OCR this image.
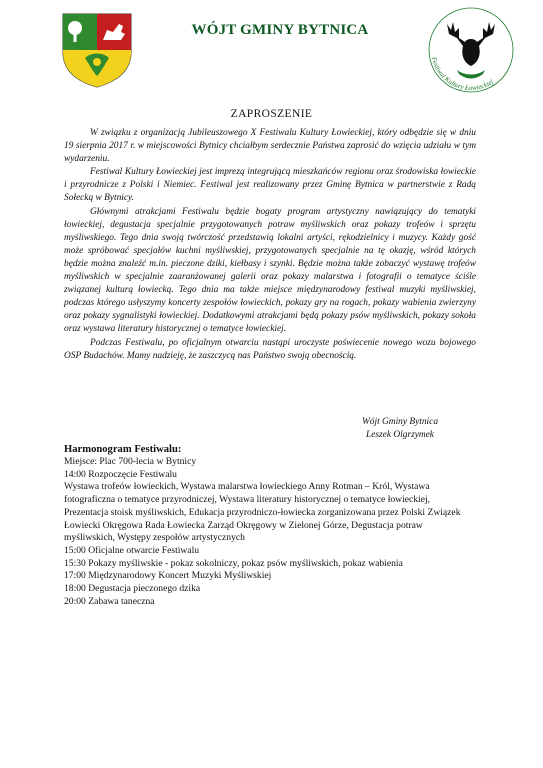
WÓJT GMINY BYTNICA
Festiwal Kultury Łowieckiej
ZAPROSZENIE

W związku z organizacją Jubileuszowego X Festiwalu Kultury Łowieckiej, który odbędzie się w dniu 19 sierpnia 2017 r. w miejscowości Bytnicy chciałbym serdecznie Państwa zaprosić do wzięcia udziału w tym wydarzeniu.

Festiwal Kultury Łowieckiej jest imprezą integrującą mieszkańców regionu oraz środowiska łowieckie i przyrodnicze z Polski i Niemiec. Festiwal jest realizowany przez Gminę Bytnica w partnerstwie z Radą Sołecką w Bytnicy.

Głównymi atrakcjami Festiwalu będzie bogaty program artystyczny nawiązujący do tematyki łowieckiej, degustacja specjalnie przygotowanych potraw myśliwskich oraz pokazy trofeów i sprzętu myśliwskiego. Tego dnia swoją twórczość przedstawią lokalni artyści, rękodzielnicy i muzycy. Każdy gość może spróbować specjałów kuchni myśliwskiej, przygotowanych specjalnie na tę okazję, wśród których będzie można znaleźć m.in. pieczone dziki, kiełbasy i szynki. Będzie można także zobaczyć wystawę trofeów myśliwskich w specjalnie zaaranżowanej galerii oraz pokazy malarstwa i fotografii o tematyce ściśle związanej kulturą łowiecką. Tego dnia ma także miejsce międzynarodowy festiwal muzyki myśliwskiej, podczas którego usłyszymy koncerty zespołów łowieckich, pokazy gry na rogach, pokazy wabienia zwierzyny oraz pokazy sygnalistyki łowieckiej. Dodatkowymi atrakcjami będą pokazy psów myśliwskich, pokazy sokoła oraz wystawa literatury historycznej o tematyce łowieckiej.

Podczas Festiwalu, po oficjalnym otwarciu nastąpi uroczyste poświecenie nowego wozu bojowego OSP Budachów. Mamy nadzieję, że zaszczycą nas Państwo swoją obecnością.

Wójt Gminy Bytnica
Leszek Olgrzymek
Harmonogram Festiwalu:
Miejsce: Plac 700-lecia w Bytnicy
14:00 Rozpoczęcie Festiwalu
Wystawa trofeów łowieckich, Wystawa malarstwa łowieckiego Anny Rotman – Król, Wystawa fotograficzna o tematyce przyrodniczej, Wystawa literatury historycznej o tematyce łowieckiej, Prezentacja stoisk myśliwskich, Edukacja przyrodniczo-łowiecka zorganizowana przez Polski Związek Łowiecki Okręgowa Rada Łowiecka Zarząd Okręgowy w Zielonej Górze, Degustacja potraw myśliwskich, Występy zespołów artystycznych
15:00 Oficjalne otwarcie Festiwalu
15:30 Pokazy myśliwskie - pokaz sokolniczy, pokaz psów myśliwskich, pokaz wabienia
17:00 Międzynarodowy Koncert Muzyki Myśliwskiej
18:00 Degustacja pieczonego dzika
20:00 Zabawa taneczna
